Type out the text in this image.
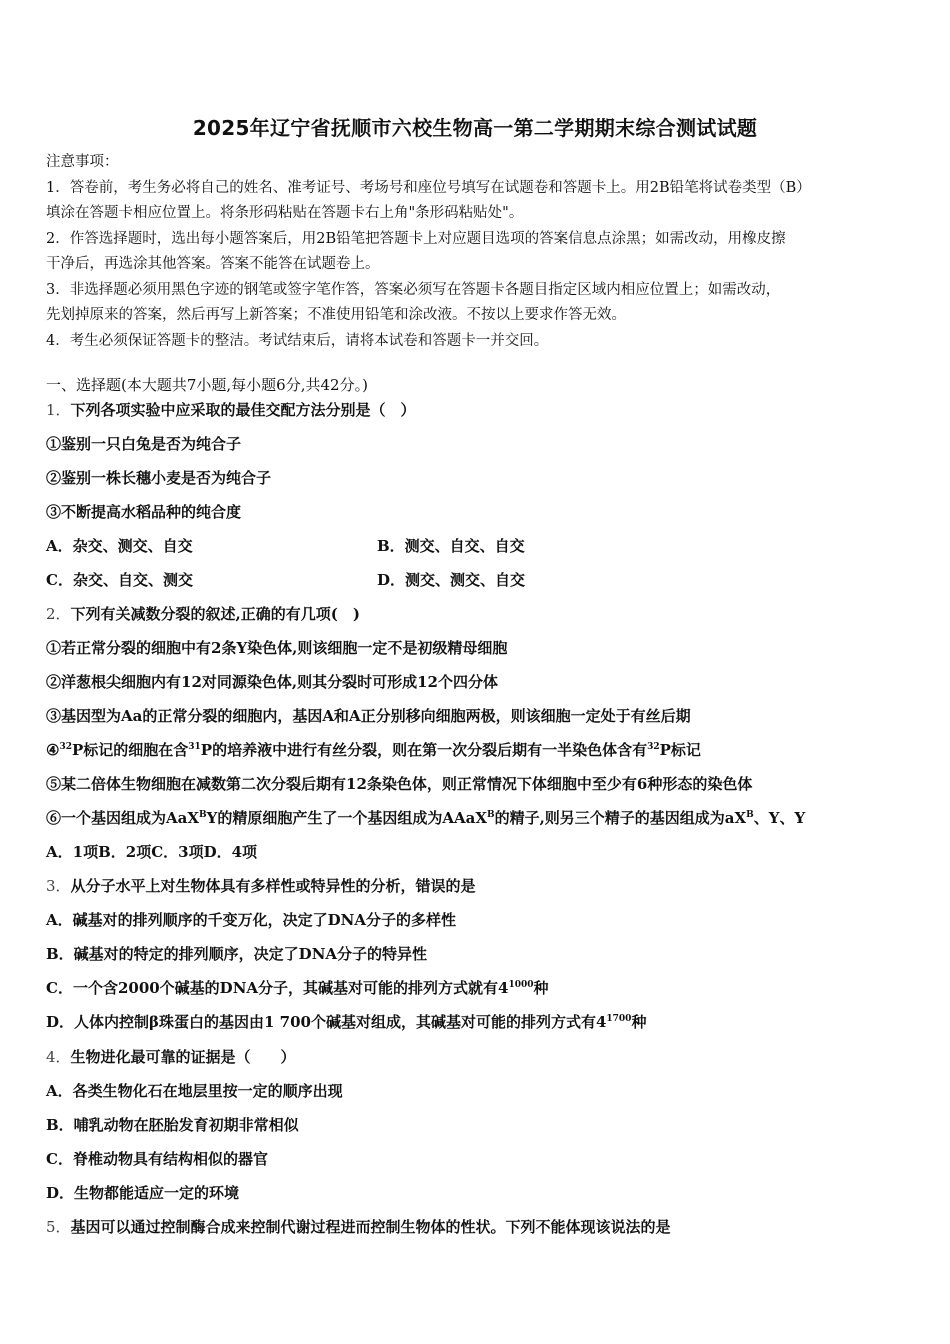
2025年辽宁省抚顺市六校生物高一第二学期期末综合测试试题
注意事项：
1．答卷前，考生务必将自己的姓名、准考证号、考场号和座位号填写在试题卷和答题卡上。用2B铅笔将试卷类型（B）
填涂在答题卡相应位置上。将条形码粘贴在答题卡右上角"条形码粘贴处"。
2．作答选择题时，选出每小题答案后，用2B铅笔把答题卡上对应题目选项的答案信息点涂黑；如需改动，用橡皮擦
干净后，再选涂其他答案。答案不能答在试题卷上。
3．非选择题必须用黑色字迹的钢笔或签字笔作答，答案必须写在答题卡各题目指定区域内相应位置上；如需改动，
先划掉原来的答案，然后再写上新答案；不准使用铅笔和涂改液。不按以上要求作答无效。
4．考生必须保证答题卡的整洁。考试结束后，请将本试卷和答题卡一并交回。
一、选择题(本大题共7小题,每小题6分,共42分。)
1．下列各项实验中应采取的最佳交配方法分别是（　）
①鉴别一只白兔是否为纯合子
②鉴别一株长穗小麦是否为纯合子
③不断提高水稻品种的纯合度
A．杂交、测交、自交	B．测交、自交、自交
C．杂交、自交、测交	D．测交、测交、自交
2．下列有关减数分裂的叙述,正确的有几项(　)
①若正常分裂的细胞中有2条Y染色体,则该细胞一定不是初级精母细胞
②洋葱根尖细胞内有12对同源染色体,则其分裂时可形成12个四分体
③基因型为Aa的正常分裂的细胞内，基因A和A正分别移向细胞两极，则该细胞一定处于有丝后期
④$^{32}$P标记的细胞在含$^{31}$P的培养液中进行有丝分裂，则在第一次分裂后期有一半染色体含有$^{32}$P标记
⑤某二倍体生物细胞在减数第二次分裂后期有12条染色体，则正常情况下体细胞中至少有6种形态的染色体
⑥一个基因组成为AaX$^B$Y的精原细胞产生了一个基因组成为AAaX$^B$的精子,则另三个精子的基因组成为$aX^B$、Y、Y
A．1项B．2项C．3项D．4项
3．从分子水平上对生物体具有多样性或特异性的分析，错误的是
A．碱基对的排列顺序的千变万化，决定了DNA分子的多样性
B．碱基对的特定的排列顺序，决定了DNA分子的特异性
C．一个含2000个碱基的DNA分子，其碱基对可能的排列方式就有$4^{1000}$种
D．人体内控制β珠蛋白的基因由1 700个碱基对组成，其碱基对可能的排列方式有$4^{1700}$种
4．生物进化最可靠的证据是（　　）
A．各类生物化石在地层里按一定的顺序出现
B．哺乳动物在胚胎发育初期非常相似
C．脊椎动物具有结构相似的器官
D．生物都能适应一定的环境
5．基因可以通过控制酶合成来控制代谢过程进而控制生物体的性状。下列不能体现该说法的是
